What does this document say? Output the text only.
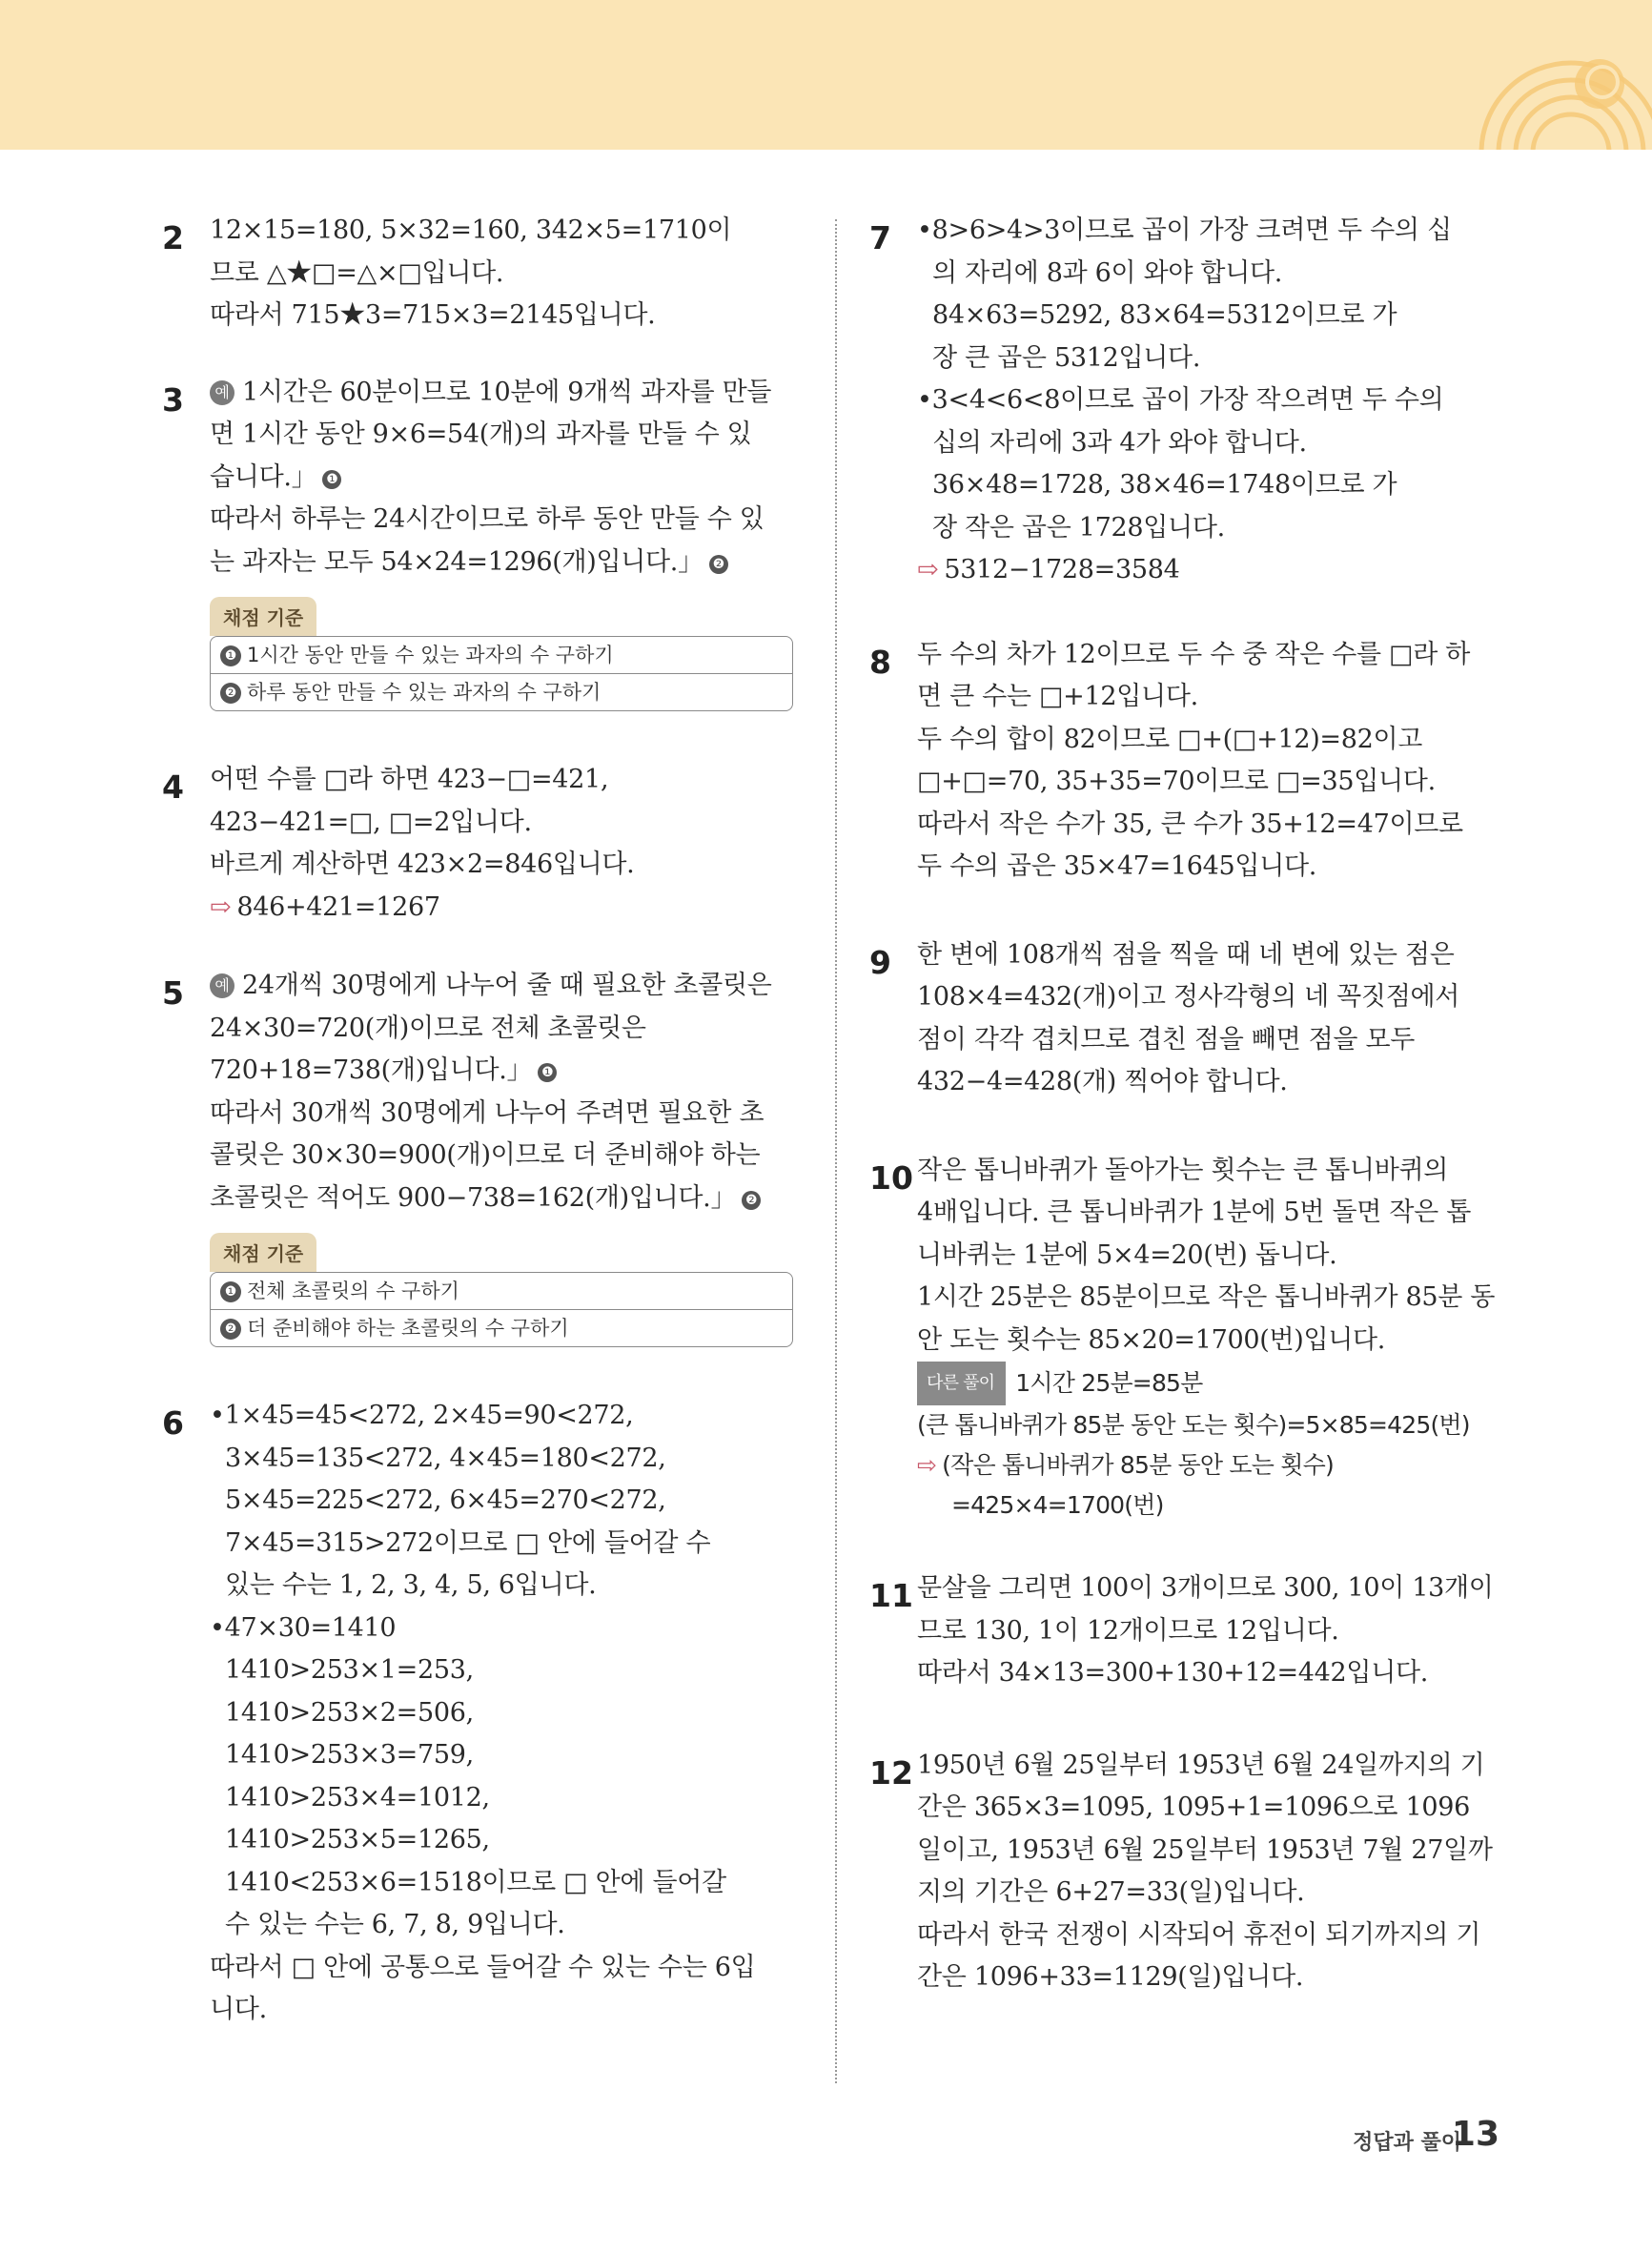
2 12×15=180, 5×32=160, 342×5=1710이
므로 △★□=△×□입니다.
따라서 715★3=715×3=2145입니다.
3	예 1시간은 60분이므로 10분에 9개씩 과자를 만들
면 1시간 동안 9×6=54(개)의 과자를 만들 수 있
습니다.」 ❶
따라서 하루는 24시간이므로 하루 동안 만들 수 있
는 과자는 모두 54×24=1296(개)입니다.」 ❷
채점 기준
❶ 1시간 동안 만들 수 있는 과자의 수 구하기
❷ 하루 동안 만들 수 있는 과자의 수 구하기
4 어떤 수를 □라 하면 423−□=421,
423−421=□, □=2입니다.
바르게 계산하면 423×2=846입니다.
⇨ 846+421=1267
5	예 24개씩 30명에게 나누어 줄 때 필요한 초콜릿은
24×30=720(개)이므로 전체 초콜릿은
720+18=738(개)입니다.」 ❶
따라서 30개씩 30명에게 나누어 주려면 필요한 초
콜릿은 30×30=900(개)이므로 더 준비해야 하는
초콜릿은 적어도 900−738=162(개)입니다.」 ❷
채점 기준
❶ 전체 초콜릿의 수 구하기
❷ 더 준비해야 하는 초콜릿의 수 구하기
6 •1×45=45<272, 2×45=90<272,
3×45=135<272, 4×45=180<272,
5×45=225<272, 6×45=270<272,
7×45=315>272이므로 □ 안에 들어갈 수
있는 수는 1, 2, 3, 4, 5, 6입니다.
•47×30=1410
1410>253×1=253,
1410>253×2=506,
1410>253×3=759,
1410>253×4=1012,
1410>253×5=1265,
1410<253×6=1518이므로 □ 안에 들어갈
수 있는 수는 6, 7, 8, 9입니다.
따라서 □ 안에 공통으로 들어갈 수 있는 수는 6입
니다.
7 •8>6>4>3이므로 곱이 가장 크려면 두 수의 십
의 자리에 8과 6이 와야 합니다.
84×63=5292, 83×64=5312이므로 가
장 큰 곱은 5312입니다.
•3<4<6<8이므로 곱이 가장 작으려면 두 수의
십의 자리에 3과 4가 와야 합니다.
36×48=1728, 38×46=1748이므로 가
장 작은 곱은 1728입니다.
⇨ 5312−1728=3584
8 두 수의 차가 12이므로 두 수 중 작은 수를 □라 하
면 큰 수는 □+12입니다.
두 수의 합이 82이므로 □+(□+12)=82이고
□+□=70, 35+35=70이므로 □=35입니다.
따라서 작은 수가 35, 큰 수가 35+12=47이므로
두 수의 곱은 35×47=1645입니다.
9 한 변에 108개씩 점을 찍을 때 네 변에 있는 점은
108×4=432(개)이고 정사각형의 네 꼭짓점에서
점이 각각 겹치므로 겹친 점을 빼면 점을 모두
432−4=428(개) 찍어야 합니다.
10 작은 톱니바퀴가 돌아가는 횟수는 큰 톱니바퀴의
4배입니다. 큰 톱니바퀴가 1분에 5번 돌면 작은 톱
니바퀴는 1분에 5×4=20(번) 돕니다.
1시간 25분은 85분이므로 작은 톱니바퀴가 85분 동
안 도는 횟수는 85×20=1700(번)입니다.
다른 풀이 1시간 25분=85분
(큰 톱니바퀴가 85분 동안 도는 횟수)=5×85=425(번)
⇨ (작은 톱니바퀴가 85분 동안 도는 횟수)
=425×4=1700(번)
11 문살을 그리면 100이 3개이므로 300, 10이 13개이
므로 130, 1이 12개이므로 12입니다.
따라서 34×13=300+130+12=442입니다.
12 1950년 6월 25일부터 1953년 6월 24일까지의 기
간은 365×3=1095, 1095+1=1096으로 1096
일이고, 1953년 6월 25일부터 1953년 7월 27일까
지의 기간은 6+27=33(일)입니다.
따라서 한국 전쟁이 시작되어 휴전이 되기까지의 기
간은 1096+33=1129(일)입니다.
정답과 풀이
13
